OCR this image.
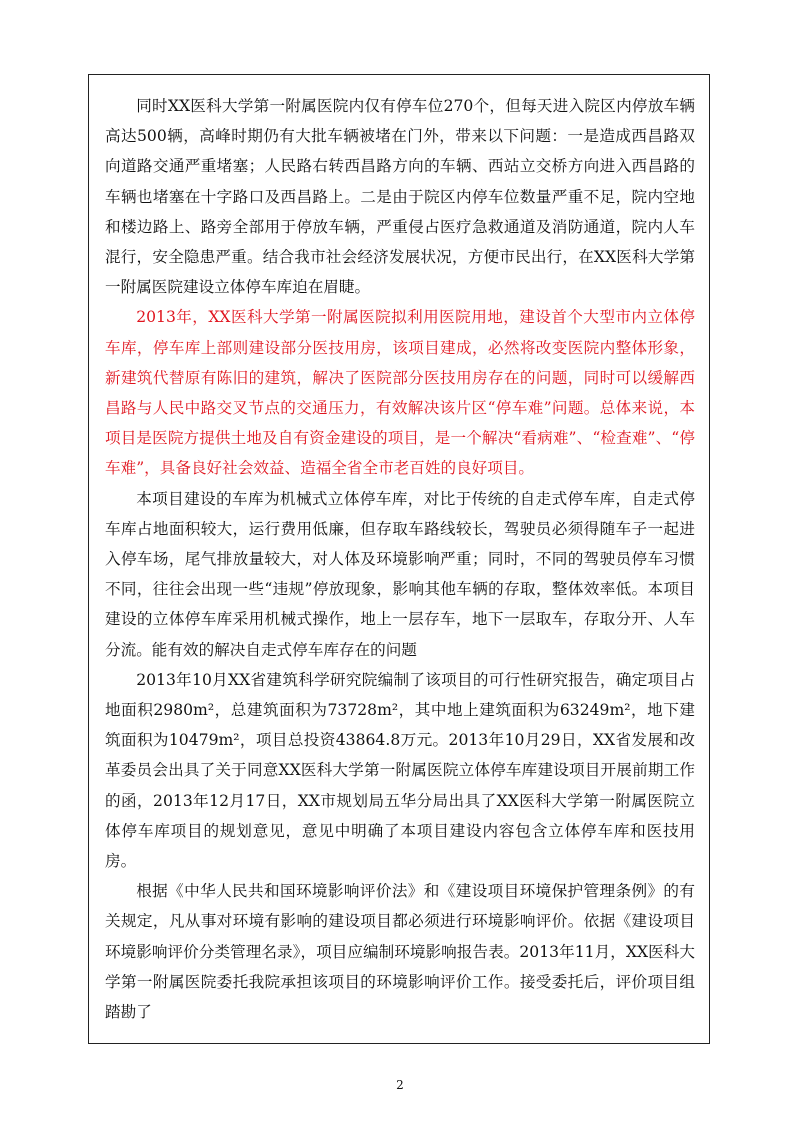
同时XX医科大学第一附属医院内仅有停车位270个，但每天进入院区内停放车辆高达500辆，高峰时期仍有大批车辆被堵在门外，带来以下问题：一是造成西昌路双向道路交通严重堵塞；人民路右转西昌路方向的车辆、西站立交桥方向进入西昌路的车辆也堵塞在十字路口及西昌路上。二是由于院区内停车位数量严重不足，院内空地和楼边路上、路旁全部用于停放车辆，严重侵占医疗急救通道及消防通道，院内人车混行，安全隐患严重。结合我市社会经济发展状况，方便市民出行，在XX医科大学第一附属医院建设立体停车库迫在眉睫。

2013年，XX医科大学第一附属医院拟利用医院用地，建设首个大型市内立体停车库，停车库上部则建设部分医技用房，该项目建成，必然将改变医院内整体形象，新建筑代替原有陈旧的建筑，解决了医院部分医技用房存在的问题，同时可以缓解西昌路与人民中路交叉节点的交通压力，有效解决该片区“停车难”问题。总体来说，本项目是医院方提供土地及自有资金建设的项目，是一个解决“看病难”、“检查难”、“停车难”，具备良好社会效益、造福全省全市老百姓的良好项目。

本项目建设的车库为机械式立体停车库，对比于传统的自走式停车库，自走式停车库占地面积较大，运行费用低廉，但存取车路线较长，驾驶员必须得随车子一起进入停车场，尾气排放量较大，对人体及环境影响严重；同时，不同的驾驶员停车习惯不同，往往会出现一些“违规”停放现象，影响其他车辆的存取，整体效率低。本项目建设的立体停车库采用机械式操作，地上一层存车，地下一层取车，存取分开、人车分流。能有效的解决自走式停车库存在的问题

2013年10月XX省建筑科学研究院编制了该项目的可行性研究报告，确定项目占地面积2980m²，总建筑面积为73728m²，其中地上建筑面积为63249m²，地下建筑面积为10479m²，项目总投资43864.8万元。2013年10月29日，XX省发展和改革委员会出具了关于同意XX医科大学第一附属医院立体停车库建设项目开展前期工作的函，2013年12月17日，XX市规划局五华分局出具了XX医科大学第一附属医院立体停车库项目的规划意见，意见中明确了本项目建设内容包含立体停车库和医技用房。

根据《中华人民共和国环境影响评价法》和《建设项目环境保护管理条例》的有关规定，凡从事对环境有影响的建设项目都必须进行环境影响评价。依据《建设项目环境影响评价分类管理名录》，项目应编制环境影响报告表。2013年11月，XX医科大学第一附属医院委托我院承担该项目的环境影响评价工作。接受委托后，评价项目组踏勘了

2
